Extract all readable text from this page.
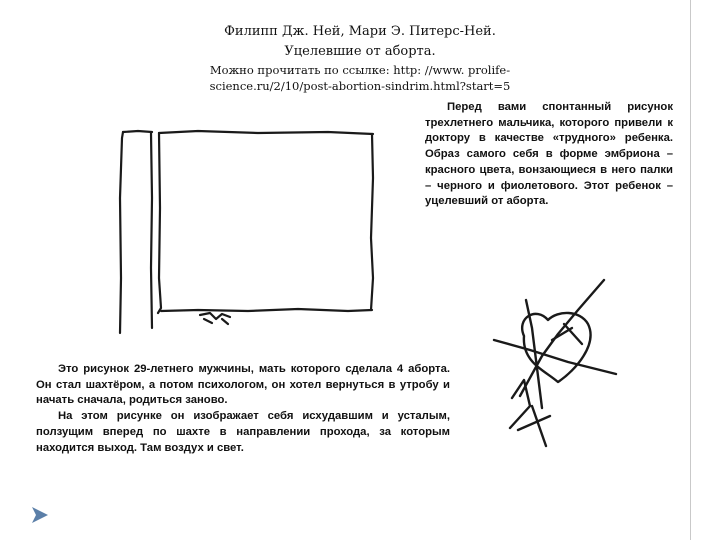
Филипп Дж. Ней, Мари Э. Питерс-Ней.
Уцелевшие от аборта.
Можно прочитать по ссылке: http: //www. prolife-
science.ru/2/10/post-abortion-sindrim.html?start=5

Перед вами спонтанный рисунок трехлетнего мальчика, которого привели к доктору в качестве «трудного» ребенка. Образ самого себя в форме эмбриона – красного цвета, вонзающиеся в него палки – черного и фиолетового. Этот ребенок – уцелевший от аборта.

Это рисунок 29-летнего мужчины, мать которого сделала 4 аборта. Он стал шахтёром, а потом психологом, он хотел вернуться в утробу и начать сначала, родиться заново.

На этом рисунке он изображает себя исхудавшим и усталым, ползущим вперед по шахте в направлении прохода, за которым находится выход. Там воздух и свет.
